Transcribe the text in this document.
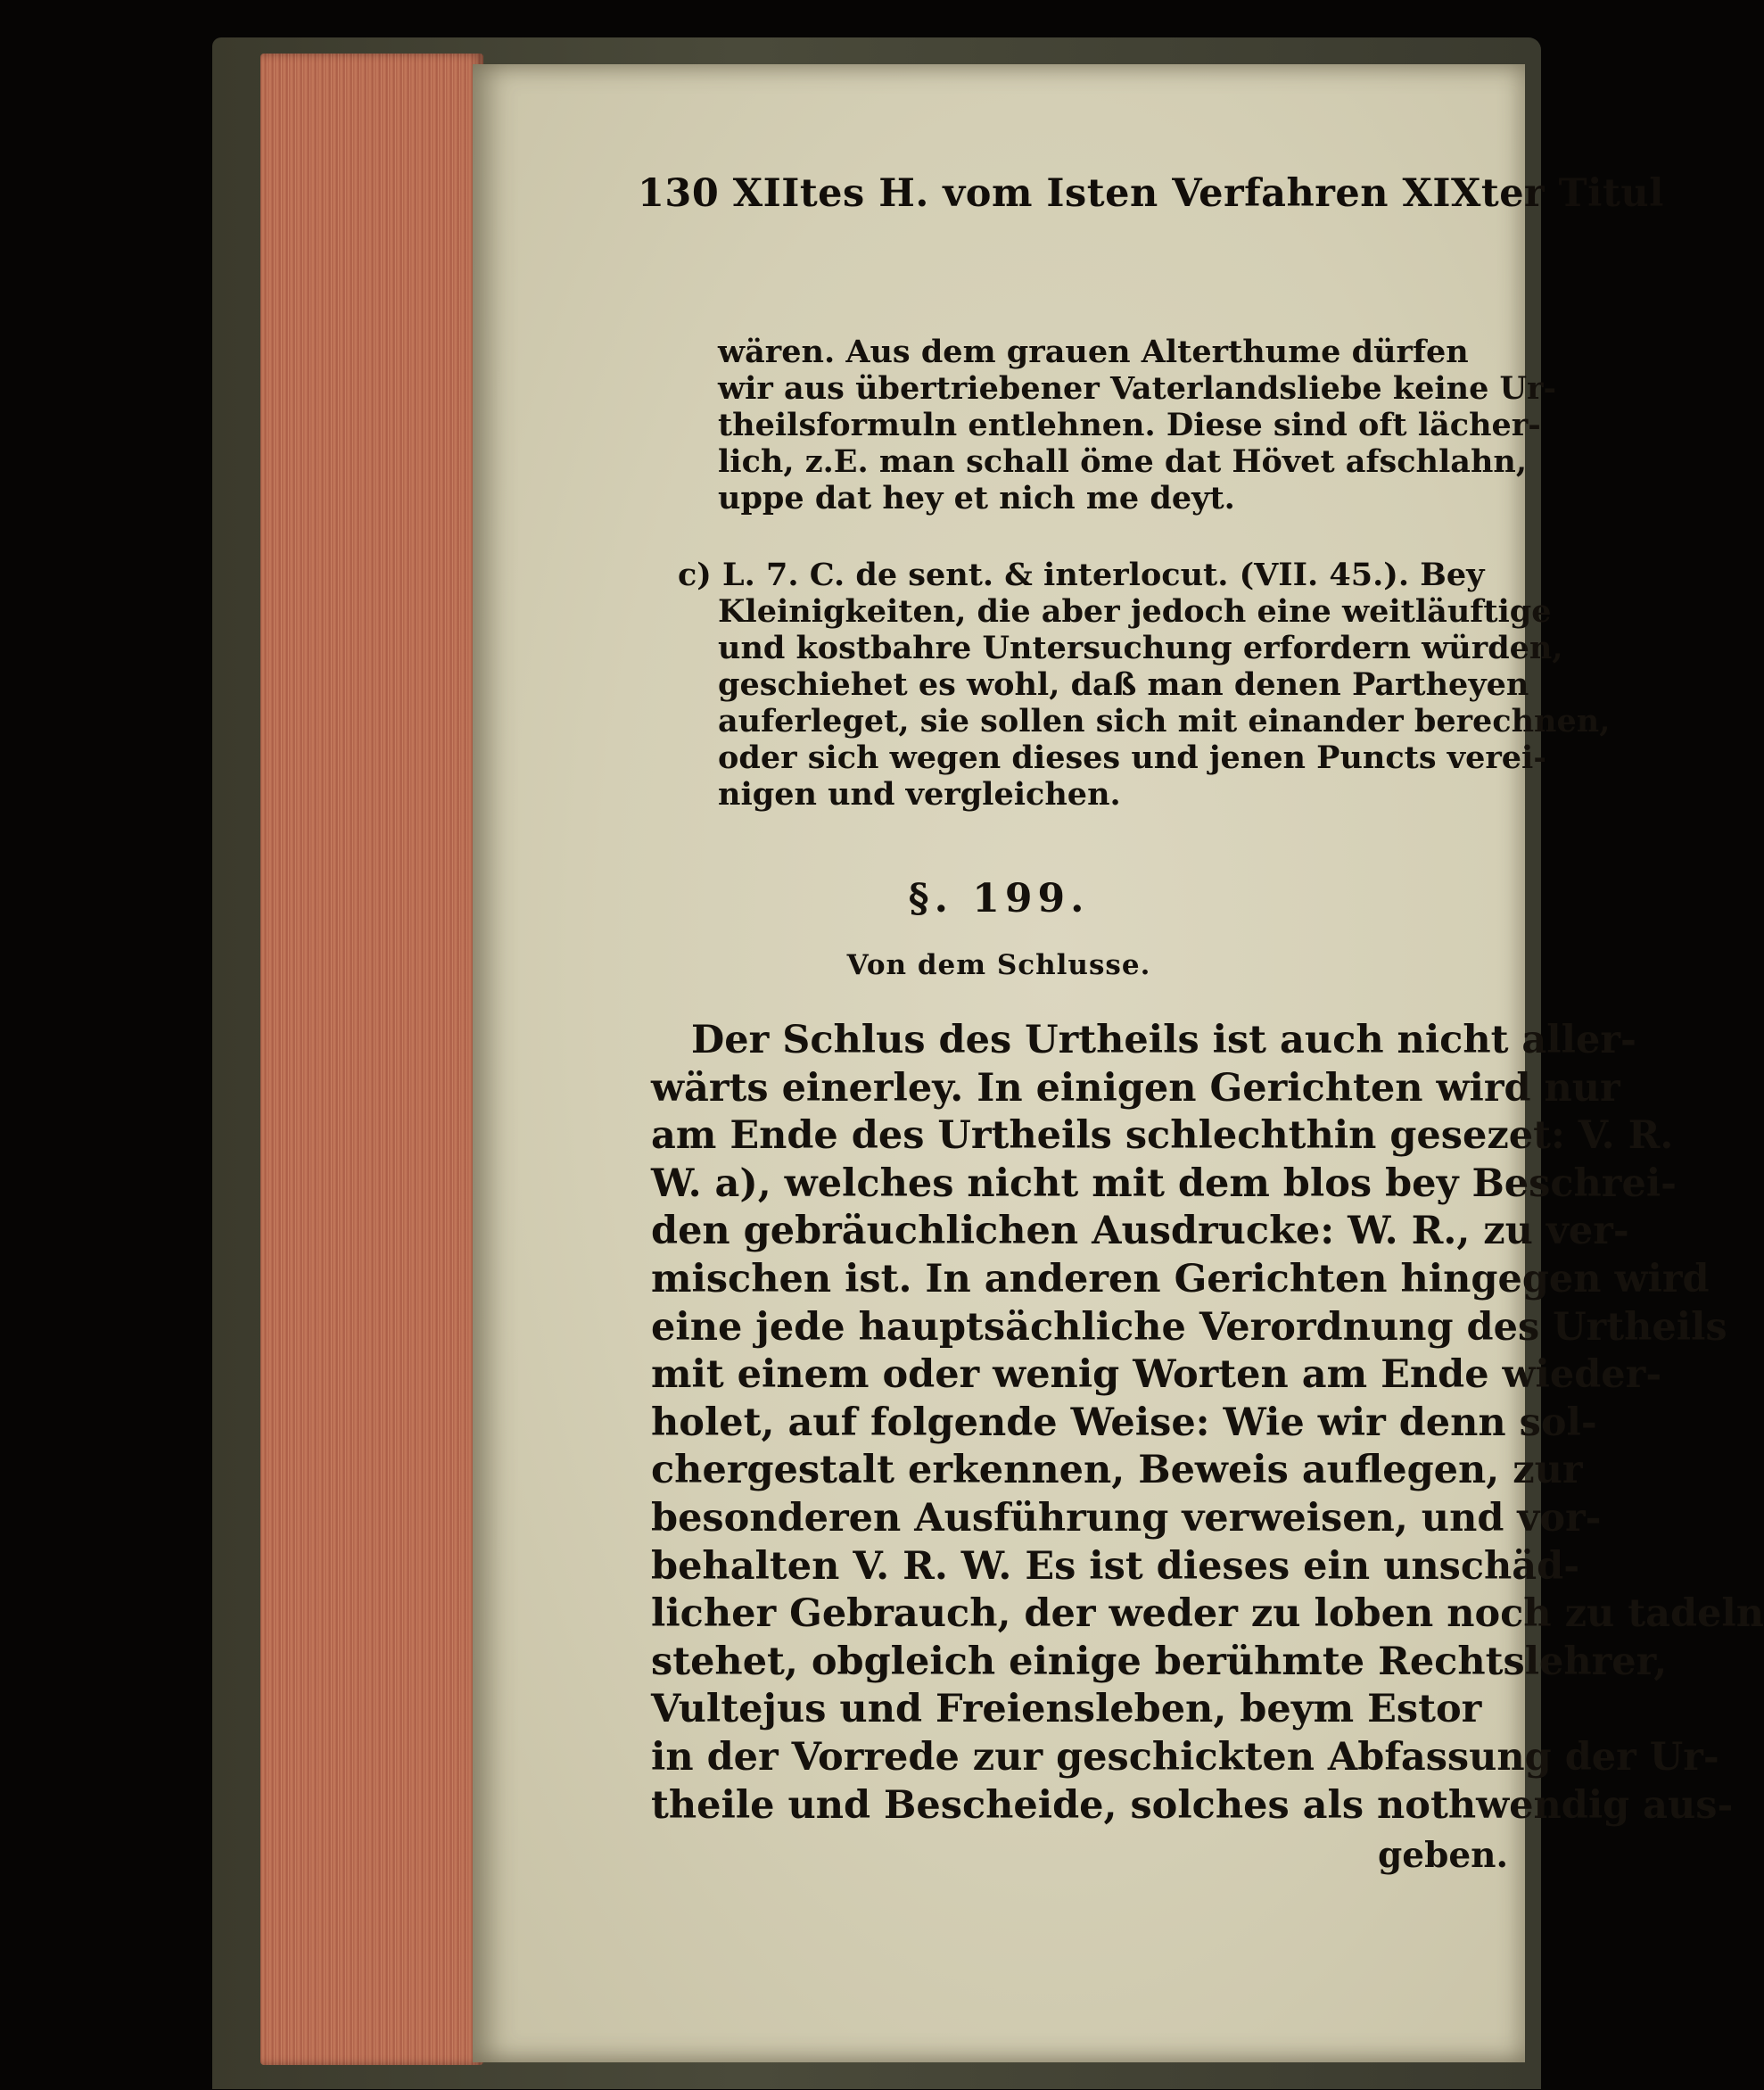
130 XIItes H. vom Isten Verfahren XIXter Titul
wären. Aus dem grauen Alterthume dürfen
wir aus übertriebener Vaterlandsliebe keine Ur-
theilsformuln entlehnen. Diese sind oft lächer-
lich, z.E. man schall öme dat Hövet afschlahn,
uppe dat hey et nich me deyt.
c) L. 7. C. de sent. & interlocut. (VII. 45.). Bey
Kleinigkeiten, die aber jedoch eine weitläuftige
und kostbahre Untersuchung erfordern würden,
geschiehet es wohl, daß man denen Partheyen
auferleget, sie sollen sich mit einander berechnen,
oder sich wegen dieses und jenen Puncts verei-
nigen und vergleichen.
§. 199.
Von dem Schlusse.
Der Schlus des Urtheils ist auch nicht aller-
wärts einerley. In einigen Gerichten wird nur
am Ende des Urtheils schlechthin gesezet: V. R.
W. a), welches nicht mit dem blos bey Beschrei-
den gebräuchlichen Ausdrucke: W. R., zu ver-
mischen ist. In anderen Gerichten hingegen wird
eine jede hauptsächliche Verordnung des Urtheils
mit einem oder wenig Worten am Ende wieder-
holet, auf folgende Weise: Wie wir denn sol-
chergestalt erkennen, Beweis auflegen, zur
besonderen Ausführung verweisen, und vor-
behalten V. R. W. Es ist dieses ein unschäd-
licher Gebrauch, der weder zu loben noch zu tadeln
stehet, obgleich einige berühmte Rechtslehrer,
Vultejus und Freiensleben, beym Estor
in der Vorrede zur geschickten Abfassung der Ur-
theile und Bescheide, solches als nothwendig aus-
geben.
